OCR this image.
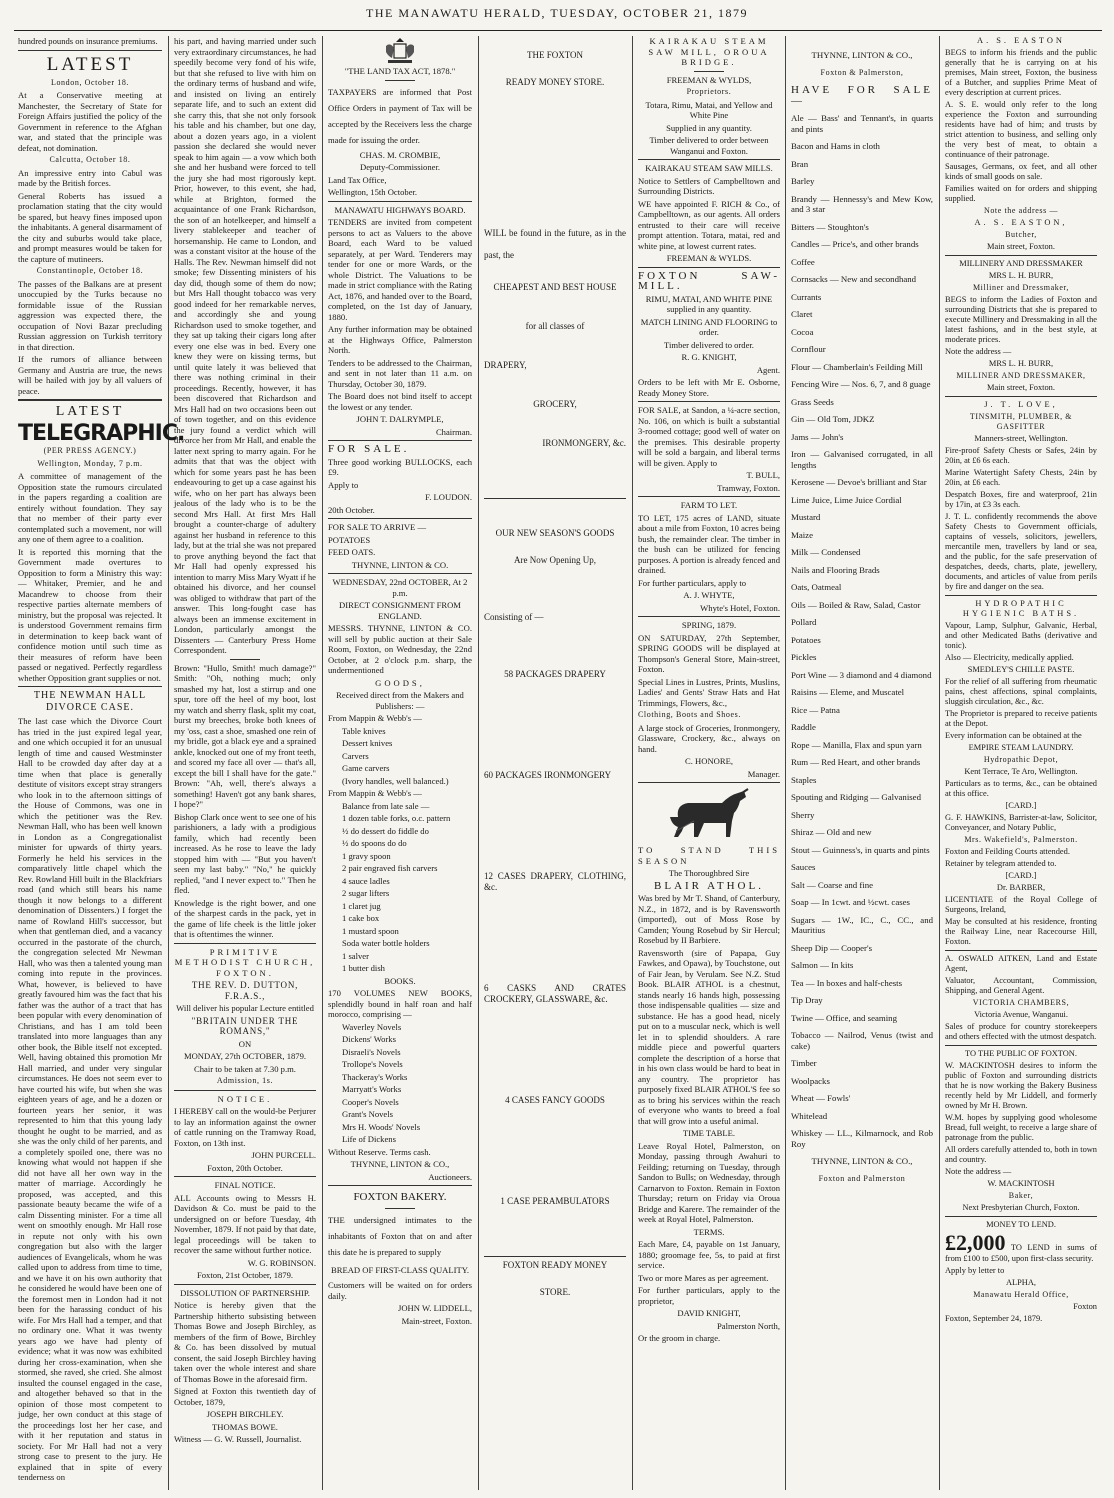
THE MANAWATU HERALD, TUESDAY, OCTOBER 21, 1879

hundred pounds on insurance premiums.

LATEST

London, October 18.

At a Conservative meeting at Manchester, the Secretary of State for Foreign Affairs justified the policy of the Government in reference to the Afghan war, and stated that the principle was defeat, not domination.

Calcutta, October 18.

An impressive entry into Cabul was made by the British forces.

General Roberts has issued a proclamation stating that the city would be spared, but heavy fines imposed upon the inhabitants. A general disarmament of the city and suburbs would take place, and prompt measures would be taken for the capture of mutineers.

Constantinople, October 18.

The passes of the Balkans are at present unoccupied by the Turks because no formidable issue of the Russian aggression was expected there, the occupation of Novi Bazar precluding Russian aggression on Turkish territory in that direction.

If the rumors of alliance between Germany and Austria are true, the news will be hailed with joy by all valuers of peace.

LATEST
TELEGRAPHIC.

(PER PRESS AGENCY.)

Wellington, Monday, 7 p.m.

A committee of management of the Opposition state the rumours circulated in the papers regarding a coalition are entirely without foundation. They say that no member of their party ever contemplated such a movement, nor will any one of them agree to a coalition.

It is reported this morning that the Government made overtures to Opposition to form a Ministry this way: — Whitaker, Premier, and he and Macandrew to choose from their respective parties alternate members of ministry, but the proposal was rejected. It is understood Government remains firm in determination to keep back want of confidence motion until such time as their measures of reform have been passed or negatived. Perfectly regardless whether Opposition grant supplies or not.

THE NEWMAN HALL DIVORCE CASE.

The last case which the Divorce Court has tried in the just expired legal year, and one which occupied it for an unusual length of time and caused Westminster Hall to be crowded day after day at a time when that place is generally destitute of visitors except stray strangers who look in to the afternoon sittings of the House of Commons, was one in which the petitioner was the Rev. Newman Hall, who has been well known in London as a Congregationalist minister for upwards of thirty years. Formerly he held his services in the comparatively little chapel which the Rev. Rowland Hill built in the Blackfriars road (and which still bears his name though it now belongs to a different denomination of Dissenters.) I forget the name of Rowland Hill's successor, but when that gentleman died, and a vacancy occurred in the pastorate of the church, the congregation selected Mr Newman Hall, who was then a talented young man coming into repute in the provinces. What, however, is believed to have greatly favoured him was the fact that his father was the author of a tract that has been popular with every denomination of Christians, and has I am told been translated into more languages than any other book, the Bible itself not excepted. Well, having obtained this promotion Mr Hall married, and under very singular circumstances. He does not seem ever to have courted his wife, but when she was eighteen years of age, and he a dozen or fourteen years her senior, it was represented to him that this young lady thought he ought to be married, and as she was the only child of her parents, and a completely spoiled one, there was no knowing what would not happen if she did not have all her own way in the matter of marriage. Accordingly he proposed, was accepted, and this passionate beauty became the wife of a calm Dissenting minister. For a time all went on smoothly enough. Mr Hall rose in repute not only with his own congregation but also with the larger audiences of Evangelicals, whom he was called upon to address from time to time, and we have it on his own authority that he considered he would have been one of the foremost men in London had it not been for the harassing conduct of his wife. For Mrs Hall had a temper, and that no ordinary one. What it was twenty years ago we have had plenty of evidence; what it was now was exhibited during her cross-examination, when she stormed, she raved, she cried. She almost insulted the counsel engaged in the case, and altogether behaved so that in the opinion of those most competent to judge, her own conduct at this stage of the proceedings lost her her case, and with it her reputation and status in society. For Mr Hall had not a very strong case to present to the jury. He explained that in spite of every tenderness on

his part, and having married under such very extraordinary circumstances, he had speedily become very fond of his wife, but that she refused to live with him on the ordinary terms of husband and wife, and insisted on living an entirely separate life, and to such an extent did she carry this, that she not only forsook his table and his chamber, but one day, about a dozen years ago, in a violent passion she declared she would never speak to him again — a vow which both she and her husband were forced to tell the jury she had most rigorously kept. Prior, however, to this event, she had, while at Brighton, formed the acquaintance of one Frank Richardson, the son of an hotelkeeper, and himself a livery stablekeeper and teacher of horsemanship. He came to London, and was a constant visitor at the house of the Halls. The Rev. Newman himself did not smoke; few Dissenting ministers of his day did, though some of them do now; but Mrs Hall thought tobacco was very good indeed for her remarkable nerves, and accordingly she and young Richardson used to smoke together, and they sat up taking their cigars long after every one else was in bed. Every one knew they were on kissing terms, but until quite lately it was believed that there was nothing criminal in their proceedings. Recently, however, it has been discovered that Richardson and Mrs Hall had on two occasions been out of town together, and on this evidence the jury found a verdict which will divorce her from Mr Hall, and enable the latter next spring to marry again. For he admits that that was the object with which for some years past he has been endeavouring to get up a case against his wife, who on her part has always been jealous of the lady who is to be the second Mrs Hall. At first Mrs Hall brought a counter-charge of adultery against her husband in reference to this lady, but at the trial she was not prepared to prove anything beyond the fact that Mr Hall had openly expressed his intention to marry Miss Mary Wyatt if he obtained his divorce, and her counsel was obliged to withdraw that part of the answer. This long-fought case has always been an immense excitement in London, particularly amongst the Dissenters — Canterbury Press Home Correspondent.

Brown: "Hullo, Smith! much damage?" Smith: "Oh, nothing much; only smashed my hat, lost a stirrup and one spur, tore off the heel of my boot, lost my watch and sherry flask, split my coat, burst my breeches, broke both knees of my 'oss, cast a shoe, smashed one rein of my bridle, got a black eye and a sprained ankle, knocked out one of my front teeth, and scored my face all over — that's all, except the bill I shall have for the gate." Brown: "Ah, well, there's always a something! Haven't got any bank shares, I hope?"

Bishop Clark once went to see one of his parishioners, a lady with a prodigious family, which had recently been increased. As he rose to leave the lady stopped him with — "But you haven't seen my last baby." "No," he quickly replied, "and I never expect to." Then he fled.

Knowledge is the right bower, and one of the sharpest cards in the pack, yet in the game of life cheek is the little joker that is oftentimes the winner.

PRIMITIVE METHODIST CHURCH, FOXTON.

THE REV. D. DUTTON, F.R.A.S.,

Will deliver his popular Lecture entitled

"BRITAIN UNDER THE ROMANS,"

ON

MONDAY, 27th OCTOBER, 1879.

Chair to be taken at 7.30 p.m.

Admission, 1s.

NOTICE.

I HEREBY call on the would-be Perjurer to lay an information against the owner of cattle running on the Tramway Road, Foxton, on 13th inst.

JOHN PURCELL.

Foxton, 20th October.

FINAL NOTICE.

ALL Accounts owing to Messrs H. Davidson & Co. must be paid to the undersigned on or before Tuesday, 4th November, 1879. If not paid by that date, legal proceedings will be taken to recover the same without further notice.

W. G. ROBINSON.

Foxton, 21st October, 1879.

DISSOLUTION OF PARTNERSHIP.

Notice is hereby given that the Partnership hitherto subsisting between Thomas Bowe and Joseph Birchley, as members of the firm of Bowe, Birchley & Co. has been dissolved by mutual consent, the said Joseph Birchley having taken over the whole interest and share of Thomas Bowe in the aforesaid firm.

Signed at Foxton this twentieth day of October, 1879,

JOSEPH BIRCHLEY.

THOMAS BOWE.

Witness — G. W. Russell, Journalist.

"THE LAND TAX ACT, 1878."

TAXPAYERS are informed that Post Office Orders in payment of Tax will be accepted by the Receivers less the charge made for issuing the order.

CHAS. M. CROMBIE,

Deputy-Commissioner.

Land Tax Office,

Wellington, 15th October.

MANAWATU HIGHWAYS BOARD.

TENDERS are invited from competent persons to act as Valuers to the above Board, each Ward to be valued separately, at per Ward. Tenderers may tender for one or more Wards, or the whole District. The Valuations to be made in strict compliance with the Rating Act, 1876, and handed over to the Board, completed, on the 1st day of January, 1880.

Any further information may be obtained at the Highways Office, Palmerston North.

Tenders to be addressed to the Chairman, and sent in not later than 11 a.m. on Thursday, October 30, 1879.

The Board does not bind itself to accept the lowest or any tender.

JOHN T. DALRYMPLE,

Chairman.

FOR SALE.

Three good working BULLOCKS, each £9.

Apply to

F. LOUDON.

20th October.

FOR SALE TO ARRIVE —

POTATOES

FEED OATS.

THYNNE, LINTON & CO.

WEDNESDAY, 22nd OCTOBER, At 2 p.m.

DIRECT CONSIGNMENT FROM ENGLAND.

MESSRS. THYNNE, LINTON & CO. will sell by public auction at their Sale Room, Foxton, on Wednesday, the 22nd October, at 2 o'clock p.m. sharp, the undermentioned

GOODS,

Received direct from the Makers and Publishers: —

From Mappin & Webb's —

Table knives

Dessert knives

Carvers

Game carvers

(Ivory handles, well balanced.)

From Mappin & Webb's —

Balance from late sale —

1 dozen table forks, o.c. pattern

½ do dessert do fiddle do

½ do spoons do do

1 gravy spoon

2 pair engraved fish carvers

4 sauce ladles

2 sugar lifters

1 claret jug

1 cake box

1 mustard spoon

Soda water bottle holders

1 salver

1 butter dish

BOOKS.

170 VOLUMES NEW BOOKS, splendidly bound in half roan and half morocco, comprising —

Waverley Novels

Dickens' Works

Disraeli's Novels

Trollope's Novels

Thackeray's Works

Marryatt's Works

Cooper's Novels

Grant's Novels

Mrs H. Woods' Novels

Life of Dickens

Without Reserve. Terms cash.

THYNNE, LINTON & CO.,

Auctioneers.

FOXTON BAKERY.

THE undersigned intimates to the inhabitants of Foxton that on and after this date he is prepared to supply

BREAD OF FIRST-CLASS QUALITY.

Customers will be waited on for orders daily.

JOHN W. LIDDELL,

Main-street, Foxton.

THE FOXTON

READY MONEY STORE.

WILL be found in the future, as in the past, the

CHEAPEST AND BEST HOUSE

for all classes of

DRAPERY,

GROCERY,

IRONMONGERY, &c.

OUR NEW SEASON'S GOODS

Are Now Opening Up,

Consisting of —

58 PACKAGES DRAPERY

60 PACKAGES IRONMONGERY

12 CASES DRAPERY, CLOTHING, &c.

6 CASKS AND CRATES CROCKERY, GLASSWARE, &c.

4 CASES FANCY GOODS

1 CASE PERAMBULATORS

FOXTON READY MONEY

STORE.

KAIRAKAU STEAM SAW MILL, OROUA BRIDGE.

FREEMAN & WYLDS,

Proprietors.

Totara, Rimu, Matai, and Yellow and White Pine

Supplied in any quantity.

Timber delivered to order between Wanganui and Foxton.

KAIRAKAU STEAM SAW MILLS.

Notice to Settlers of Campbelltown and Surrounding Districts.

WE have appointed F. RICH & Co., of Campbelltown, as our agents. All orders entrusted to their care will receive prompt attention. Totara, matai, red and white pine, at lowest current rates.

FREEMAN & WYLDS.

FOXTON SAW-MILL.

RIMU, MATAI, AND WHITE PINE supplied in any quantity.

MATCH LINING AND FLOORING to order.

Timber delivered to order.

R. G. KNIGHT,

Agent.

Orders to be left with Mr E. Osborne, Ready Money Store.

FOR SALE, at Sandon, a ¼-acre section, No. 106, on which is built a substantial 3-roomed cottage; good well of water on the premises. This desirable property will be sold a bargain, and liberal terms will be given. Apply to

T. BULL,

Tramway, Foxton.

FARM TO LET.

TO LET, 175 acres of LAND, situate about a mile from Foxton, 10 acres being bush, the remainder clear. The timber in the bush can be utilized for fencing purposes. A portion is already fenced and drained.

For further particulars, apply to

A. J. WHYTE,

Whyte's Hotel, Foxton.

SPRING, 1879.

ON SATURDAY, 27th September, SPRING GOODS will be displayed at Thompson's General Store, Main-street, Foxton.

Special Lines in Lustres, Prints, Muslins, Ladies' and Gents' Straw Hats and Hat Trimmings, Flowers, &c.,

Clothing, Boots and Shoes.

A large stock of Groceries, Ironmongery, Glassware, Crockery, &c., always on hand.

C. HONORE,

Manager.

TO STAND THIS SEASON

The Thoroughbred Sire

BLAIR ATHOL.

Was bred by Mr T. Shand, of Canterbury, N.Z., in 1872, and is by Ravensworth (imported), out of Moss Rose by Camden; Young Rosebud by Sir Hercul; Rosebud by II Barbiere.

Ravensworth (sire of Papapa, Guy Fawkes, and Opawa), by Touchstone, out of Fair Jean, by Verulam. See N.Z. Stud Book. BLAIR ATHOL is a chestnut, stands nearly 16 hands high, possessing those indispensable qualities — size and substance. He has a good head, nicely put on to a muscular neck, which is well let in to splendid shoulders. A rare middle piece and powerful quarters complete the description of a horse that in his own class would be hard to beat in any country. The proprietor has purposely fixed BLAIR ATHOL'S fee so as to bring his services within the reach of everyone who wants to breed a foal that will grow into a useful animal.

TIME TABLE.

Leave Royal Hotel, Palmerston, on Monday, passing through Awahuri to Feilding; returning on Tuesday, through Sandon to Bulls; on Wednesday, through Carnarvon to Foxton. Remain in Foxton Thursday; return on Friday via Oroua Bridge and Karere. The remainder of the week at Royal Hotel, Palmerston.

TERMS.

Each Mare, £4, payable on 1st January, 1880; groomage fee, 5s, to paid at first service.

Two or more Mares as per agreement.

For further particulars, apply to the proprietor,

DAVID KNIGHT,

Palmerston North,

Or the groom in charge.

THYNNE, LINTON & CO.,

Foxton & Palmerston,

HAVE FOR SALE —

Ale — Bass' and Tennant's, in quarts and pints

Bacon and Hams in cloth

Bran

Barley

Brandy — Hennessy's and Mew Kow, and 3 star

Bitters — Stoughton's

Candles — Price's, and other brands

Coffee

Cornsacks — New and secondhand

Currants

Claret

Cocoa

Cornflour

Flour — Chamberlain's Feilding Mill

Fencing Wire — Nos. 6, 7, and 8 guage

Grass Seeds

Gin — Old Tom, JDKZ

Jams — John's

Iron — Galvanised corrugated, in all lengths

Kerosene — Devoe's brilliant and Star

Lime Juice, Lime Juice Cordial

Mustard

Maize

Milk — Condensed

Nails and Flooring Brads

Oats, Oatmeal

Oils — Boiled & Raw, Salad, Castor

Pollard

Potatoes

Pickles

Port Wine — 3 diamond and 4 diamond

Raisins — Eleme, and Muscatel

Rice — Patna

Raddle

Rope — Manilla, Flax and spun yarn

Rum — Red Heart, and other brands

Staples

Spouting and Ridging — Galvanised

Sherry

Shiraz — Old and new

Stout — Guinness's, in quarts and pints

Sauces

Salt — Coarse and fine

Soap — In 1cwt. and ½cwt. cases

Sugars — 1W., IC., C., CC., and Mauritius

Sheep Dip — Cooper's

Salmon — In kits

Tea — In boxes and half-chests

Tip Dray

Twine — Office, and seaming

Tobacco — Nailrod, Venus (twist and cake)

Timber

Woolpacks

Wheat — Fowls'

Whitelead

Whiskey — LL., Kilmarnock, and Rob Roy

THYNNE, LINTON & CO.,

Foxton and Palmerston

A. S. EASTON

BEGS to inform his friends and the public generally that he is carrying on at his premises, Main street, Foxton, the business of a Butcher, and supplies Prime Meat of every description at current prices.

A. S. E. would only refer to the long experience the Foxton and surrounding residents have had of him; and trusts by strict attention to business, and selling only the very best of meat, to obtain a continuance of their patronage.

Sausages, Germans, ox feet, and all other kinds of small goods on sale.

Families waited on for orders and shipping supplied.

Note the address —

A. S. EASTON,

Butcher,

Main street, Foxton.

MILLINERY AND DRESSMAKER

MRS L. H. BURR,

Milliner and Dressmaker,

BEGS to inform the Ladies of Foxton and surrounding Districts that she is prepared to execute Millinery and Dressmaking in all the latest fashions, and in the best style, at moderate prices.

Note the address —

MRS L. H. BURR,

MILLINER AND DRESSMAKER,

Main street, Foxton.

J. T. LOVE,

TINSMITH, PLUMBER, & GASFITTER

Manners-street, Wellington.

Fire-proof Safety Chests or Safes, 24in by 20in, at £6 6s each.

Marine Watertight Safety Chests, 24in by 20in, at £6 each.

Despatch Boxes, fire and waterproof, 21in by 17in, at £3 3s each.

J. T. L. confidently recommends the above Safety Chests to Government officials, captains of vessels, solicitors, jewellers, mercantile men, travellers by land or sea, and the public, for the safe preservation of despatches, deeds, charts, plate, jewellery, documents, and articles of value from perils by fire and danger on the sea.

HYDROPATHIC HYGIENIC BATHS.

Vapour, Lamp, Sulphur, Galvanic, Herbal, and other Medicated Baths (derivative and tonic).

Also — Electricity, medically applied.

SMEDLEY'S CHILLE PASTE.

For the relief of all suffering from rheumatic pains, chest affections, spinal complaints, sluggish circulation, &c., &c.

The Proprietor is prepared to receive patients at the Depot.

Every information can be obtained at the

EMPIRE STEAM LAUNDRY.

Hydropathic Depot,

Kent Terrace, Te Aro, Wellington.

Particulars as to terms, &c., can be obtained at this office.

[CARD.]

G. F. HAWKINS, Barrister-at-law, Solicitor, Conveyancer, and Notary Public,

Mrs. Wakefield's, Palmerston.

Foxton and Feilding Courts attended.

Retainer by telegram attended to.

[CARD.]

Dr. BARBER,

LICENTIATE of the Royal College of Surgeons, Ireland,

May be consulted at his residence, fronting the Railway Line, near Racecourse Hill, Foxton.

A. OSWALD AITKEN, Land and Estate Agent,

Valuator, Accountant, Commission, Shipping, and General Agent.

VICTORIA CHAMBERS,

Victoria Avenue, Wanganui.

Sales of produce for country storekeepers and others effected with the utmost despatch.

TO THE PUBLIC OF FOXTON.

W. MACKINTOSH desires to inform the public of Foxton and surrounding districts that he is now working the Bakery Business recently held by Mr Liddell, and formerly owned by Mr H. Brown.

W.M. hopes by supplying good wholesome Bread, full weight, to receive a large share of patronage from the public.

All orders carefully attended to, both in town and country.

Note the address —

W. MACKINTOSH

Baker,

Next Presbyterian Church, Foxton.

MONEY TO LEND.

£2,000 TO LEND in sums of from £100 to £500, upon first-class security.

Apply by letter to

ALPHA,

Manawatu Herald Office,

Foxton

Foxton, September 24, 1879.
